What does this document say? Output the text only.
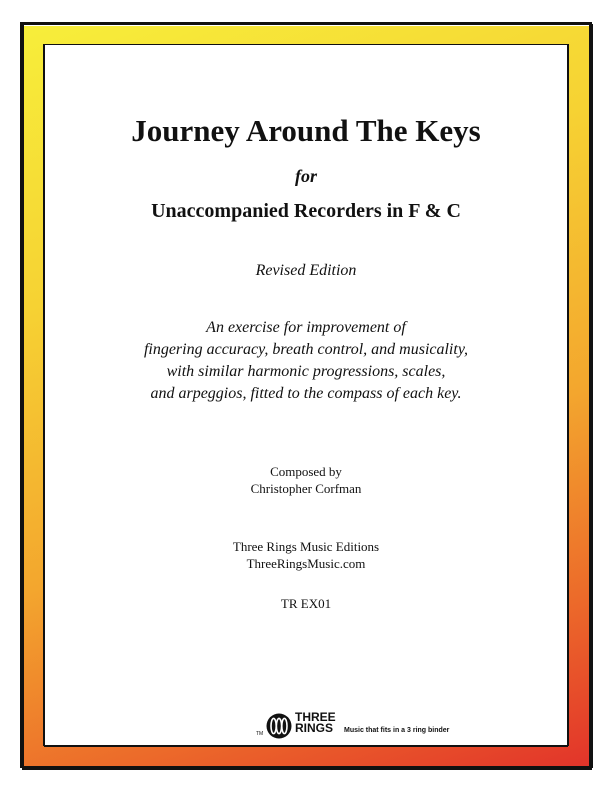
Journey Around The Keys
for
Unaccompanied Recorders in F & C
Revised Edition
An exercise for improvement of
fingering accuracy, breath control, and musicality,
with similar harmonic progressions, scales,
and arpeggios, fitted to the compass of each key.
Composed by
Christopher Corfman
Three Rings Music Editions
ThreeRingsMusic.com
TR EX01
TM
THREE
RINGS	Music that fits in a 3 ring binder
